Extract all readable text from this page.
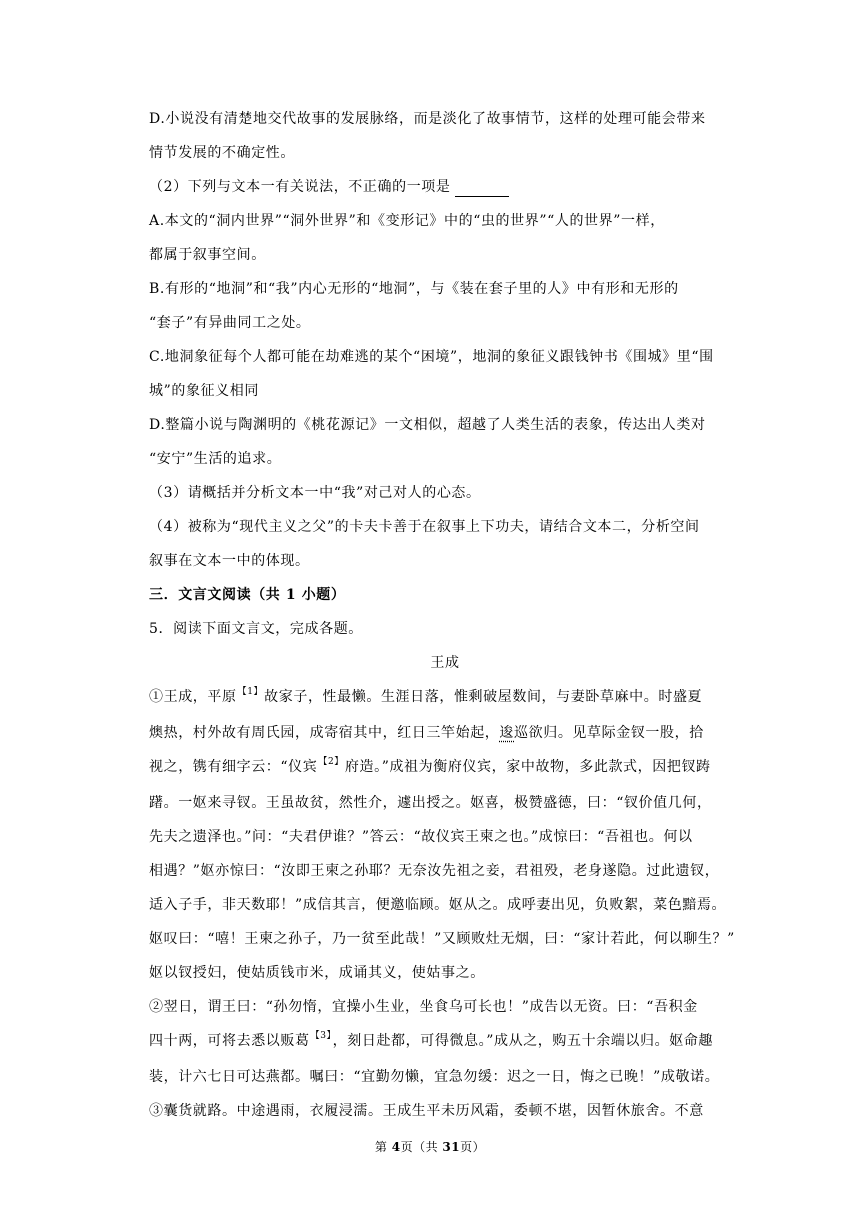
D.小说没有清楚地交代故事的发展脉络，而是淡化了故事情节，这样的处理可能会带来

情节发展的不确定性。

（2）下列与文本一有关说法，不正确的一项是

A.本文的“洞内世界”“洞外世界”和《变形记》中的“虫的世界”“人的世界”一样，

都属于叙事空间。

B.有形的“地洞”和“我”内心无形的“地洞”，与《装在套子里的人》中有形和无形的

“套子”有异曲同工之处。

C.地洞象征每个人都可能在劫难逃的某个“困境”，地洞的象征义跟钱钟书《围城》里“围

城”的象征义相同

D.整篇小说与陶渊明的《桃花源记》一文相似，超越了人类生活的表象，传达出人类对

“安宁”生活的追求。

（3）请概括并分析文本一中“我”对己对人的心态。

（4）被称为“现代主义之父”的卡夫卡善于在叙事上下功夫，请结合文本二，分析空间

叙事在文本一中的体现。

三．文言文阅读（共 1 小题）

5．阅读下面文言文，完成各题。

王成

①王成，平原$^{【1】}$故家子，性最懒。生涯日落，惟剩破屋数间，与妻卧草麻中。时盛夏

燠热，村外故有周氏园，成寄宿其中，红日三竿始起，逡巡欲归。见草际金钗一股，拾

视之，镌有细字云：“仪宾$^{【2】}$府造。”成祖为衡府仪宾，家中故物，多此款式，因把钗踌

躇。一妪来寻钗。王虽故贫，然性介，遽出授之。妪喜，极赞盛德，曰：“钗价值几何，

先夫之遗泽也。”问：“夫君伊谁？”答云：“故仪宾王柬之也。”成惊曰：“吾祖也。何以

相遇？”妪亦惊曰：“汝即王柬之孙耶？无奈汝先祖之妾，君祖殁，老身遂隐。过此遗钗，

适入子手，非天数耶！”成信其言，便邀临顾。妪从之。成呼妻出见，负败絮，菜色黯焉。

妪叹曰：“嘻！王柬之孙子，乃一贫至此哉！”又顾败灶无烟，曰：“家计若此，何以聊生？”

妪以钗授妇，使姑质钱市米，成诵其义，使姑事之。

②翌日，谓王曰：“孙勿惰，宜操小生业，坐食乌可长也！”成告以无资。曰：“吾积金

四十两，可将去悉以贩葛$^{【3】}$，刻日赴都，可得微息。”成从之，购五十余端以归。妪命趣

装，计六七日可达燕都。嘱曰：“宜勤勿懒，宜急勿缓：迟之一日，悔之已晚！”成敬诺。

③囊货就路。中途遇雨，衣履浸濡。王成生平未历风霜，委顿不堪，因暂休旅舍。不意

第 4页（共 31页）
